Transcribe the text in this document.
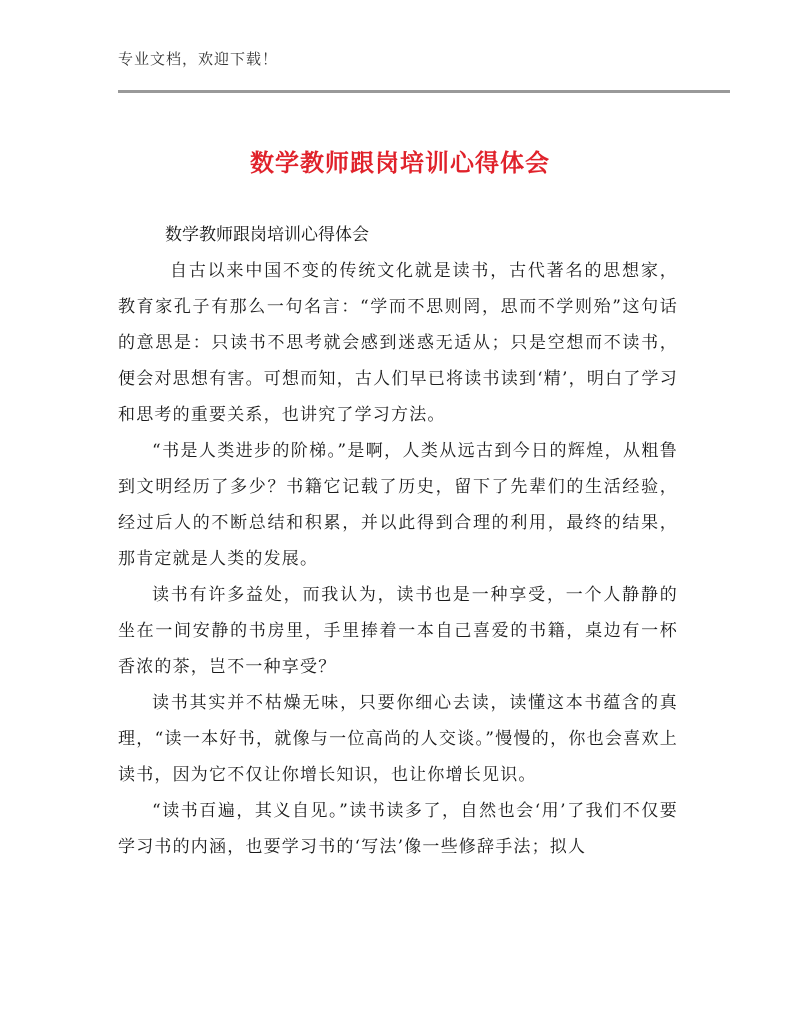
专业文档，欢迎下载！
数学教师跟岗培训心得体会
数学教师跟岗培训心得体会

自古以来中国不变的传统文化就是读书，古代著名的思想家，教育家孔子有那么一句名言：“学而不思则罔，思而不学则殆”这句话的意思是：只读书不思考就会感到迷惑无适从；只是空想而不读书，便会对思想有害。可想而知，古人们早已将读书读到‘精’，明白了学习和思考的重要关系，也讲究了学习方法。

“书是人类进步的阶梯。”是啊，人类从远古到今日的辉煌，从粗鲁到文明经历了多少？书籍它记载了历史，留下了先辈们的生活经验，经过后人的不断总结和积累，并以此得到合理的利用，最终的结果，那肯定就是人类的发展。

读书有许多益处，而我认为，读书也是一种享受，一个人静静的坐在一间安静的书房里，手里捧着一本自己喜爱的书籍，桌边有一杯香浓的茶，岂不一种享受？

读书其实并不枯燥无味，只要你细心去读，读懂这本书蕴含的真理，“读一本好书，就像与一位高尚的人交谈。”慢慢的，你也会喜欢上读书，因为它不仅让你增长知识，也让你增长见识。

“读书百遍，其义自见。”读书读多了，自然也会‘用’了我们不仅要学习书的内涵，也要学习书的‘写法’像一些修辞手法；拟人
